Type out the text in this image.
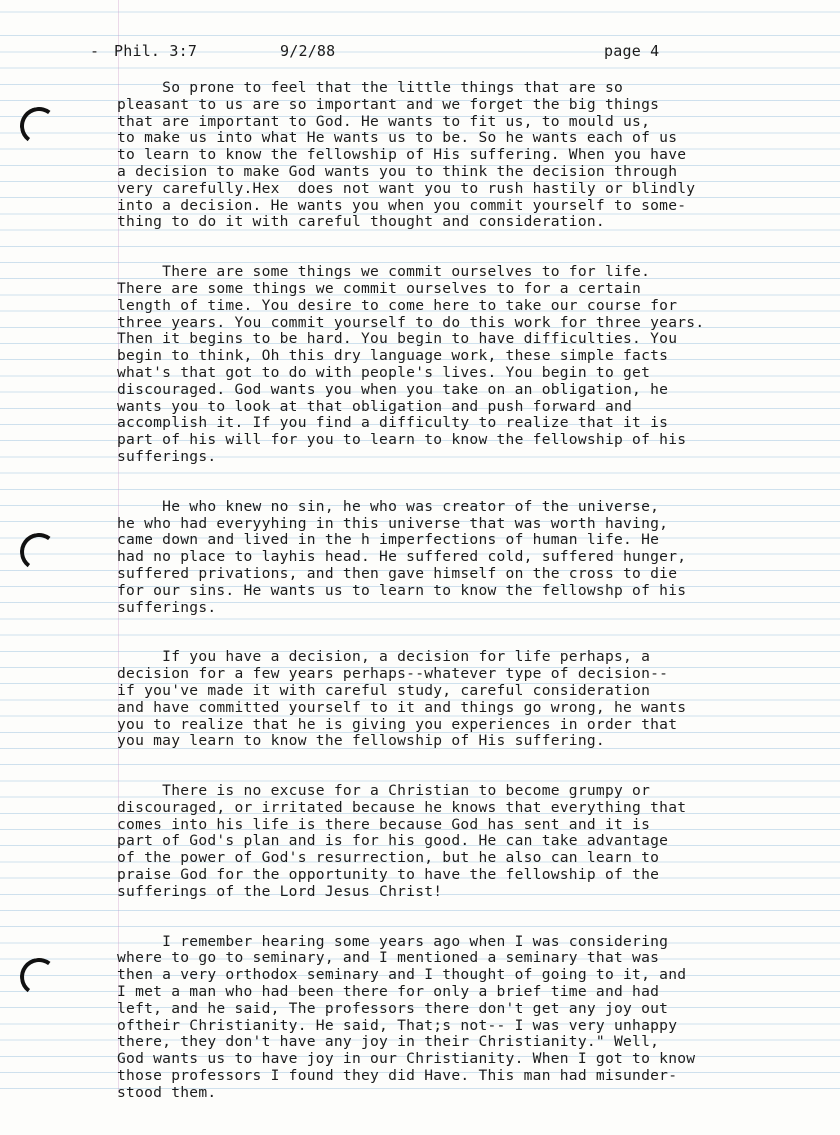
- Phil. 3:7	9/2/88	page 4
So prone to feel that the little things that are so
pleasant to us are so important and we forget the big things
that are important to God. He wants to fit us, to mould us,
to make us into what He wants us to be. So he wants each of us
to learn to know the fellowship of His suffering. When you have
a decision to make God wants you to think the decision through
very carefully.Hex  does not want you to rush hastily or blindly
into a decision. He wants you when you commit yourself to some-
thing to do it with careful thought and consideration.
There are some things we commit ourselves to for life.
There are some things we commit ourselves to for a certain
length of time. You desire to come here to take our course for
three years. You commit yourself to do this work for three years.
Then it begins to be hard. You begin to have difficulties. You
begin to think, Oh this dry language work, these simple facts
what's that got to do with people's lives. You begin to get
discouraged. God wants you when you take on an obligation, he
wants you to look at that obligation and push forward and
accomplish it. If you find a difficulty to realize that it is
part of his will for you to learn to know the fellowship of his
sufferings.
He who knew no sin, he who was creator of the universe,
he who had everyyhing in this universe that was worth having,
came down and lived in the h imperfections of human life. He
had no place to layhis head. He suffered cold, suffered hunger,
suffered privations, and then gave himself on the cross to die
for our sins. He wants us to learn to know the fellowshp of his
sufferings.
If you have a decision, a decision for life perhaps, a
decision for a few years perhaps--whatever type of decision--
if you've made it with careful study, careful consideration
and have committed yourself to it and things go wrong, he wants
you to realize that he is giving you experiences in order that
you may learn to know the fellowship of His suffering.
There is no excuse for a Christian to become grumpy or
discouraged, or irritated because he knows that everything that
comes into his life is there because God has sent and it is
part of God's plan and is for his good. He can take advantage
of the power of God's resurrection, but he also can learn to
praise God for the opportunity to have the fellowship of the
sufferings of the Lord Jesus Christ!
I remember hearing some years ago when I was considering
where to go to seminary, and I mentioned a seminary that was
then a very orthodox seminary and I thought of going to it, and
I met a man who had been there for only a brief time and had
left, and he said, The professors there don't get any joy out
oftheir Christianity. He said, That;s not-- I was very unhappy
there, they don't have any joy in their Christianity." Well,
God wants us to have joy in our Christianity. When I got to know
those professors I found they did Have. This man had misunder-
stood them.
